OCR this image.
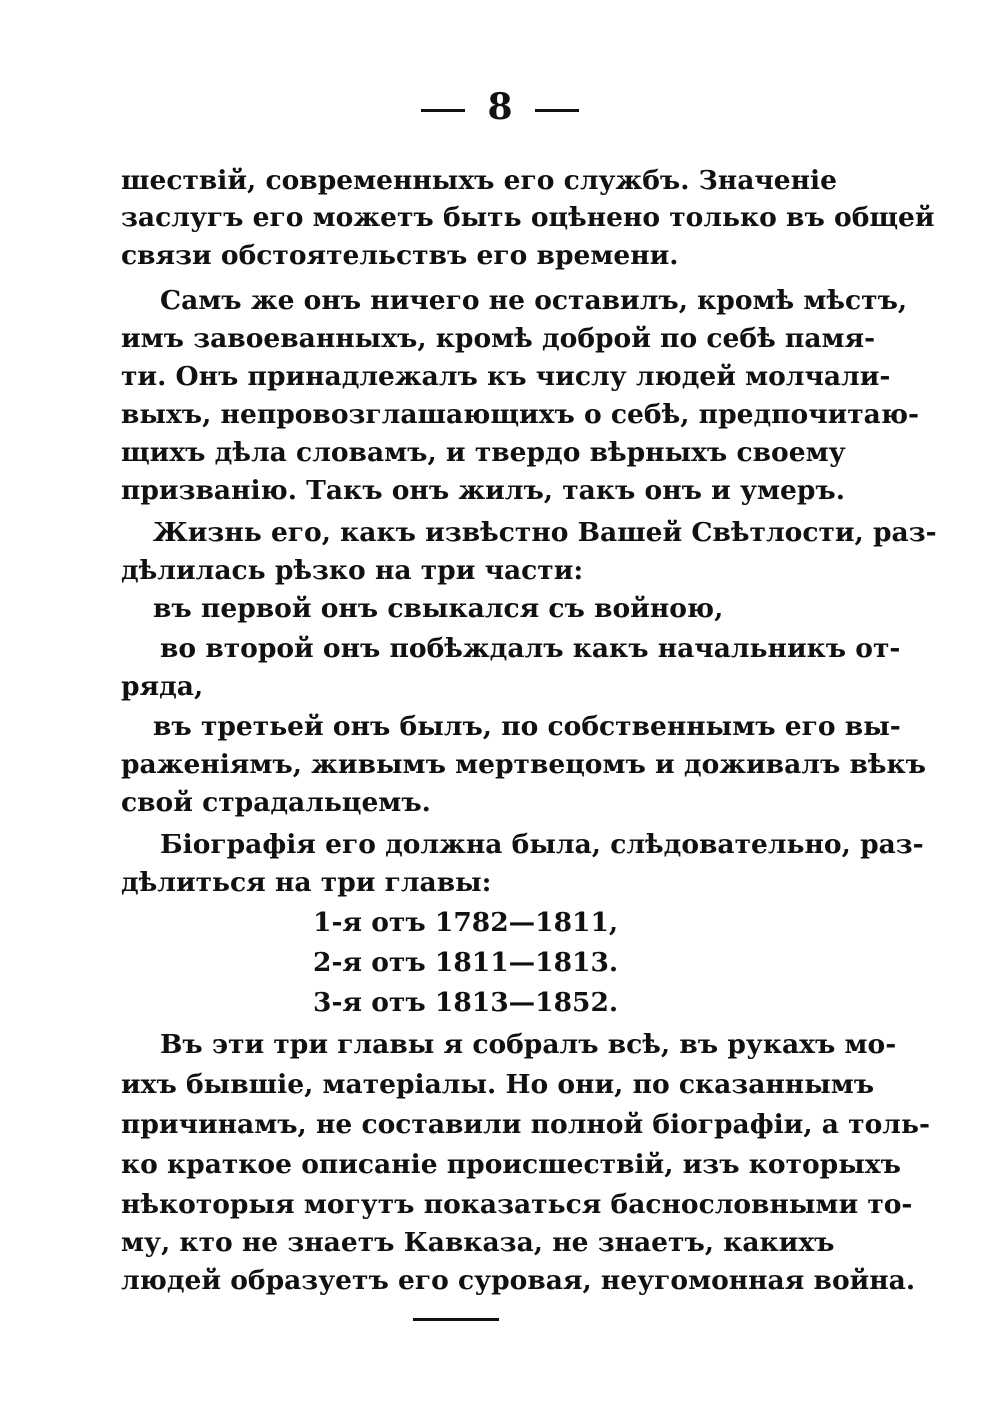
8
шествій, современныхъ его службъ. Значеніе
заслугъ его можетъ быть оцѣнено только въ общей
связи обстоятельствъ его времени.
Самъ же онъ ничего не оставилъ, кромѣ мѣстъ,
имъ завоеванныхъ, кромѣ доброй по себѣ памя-
ти. Онъ принадлежалъ къ числу людей молчали-
выхъ, непровозглашающихъ о себѣ, предпочитаю-
щихъ дѣла словамъ, и твердо вѣрныхъ своему
призванію. Такъ онъ жилъ, такъ онъ и умеръ.
Жизнь его, какъ извѣстно Вашей Свѣтлости, раз-
дѣлилась рѣзко на три части:
въ первой онъ свыкался съ войною,
во второй онъ побѣждалъ какъ начальникъ от-
ряда,
въ третьей онъ былъ, по собственнымъ его вы-
раженіямъ, живымъ мертвецомъ и доживалъ вѣкъ
свой страдальцемъ.
Біографія его должна была, слѣдовательно, раз-
дѣлиться на три главы:
1-я отъ 1782—1811,
2-я отъ 1811—1813.
3-я отъ 1813—1852.
Въ эти три главы я собралъ всѣ, въ рукахъ мо-
ихъ бывшіе, матеріалы. Но они, по сказаннымъ
причинамъ, не составили полной біографіи, а толь-
ко краткое описаніе происшествій, изъ которыхъ
нѣкоторыя могутъ показаться баснословными то-
му, кто не знаетъ Кавказа, не знаетъ, какихъ
людей образуетъ его суровая, неугомонная война.
